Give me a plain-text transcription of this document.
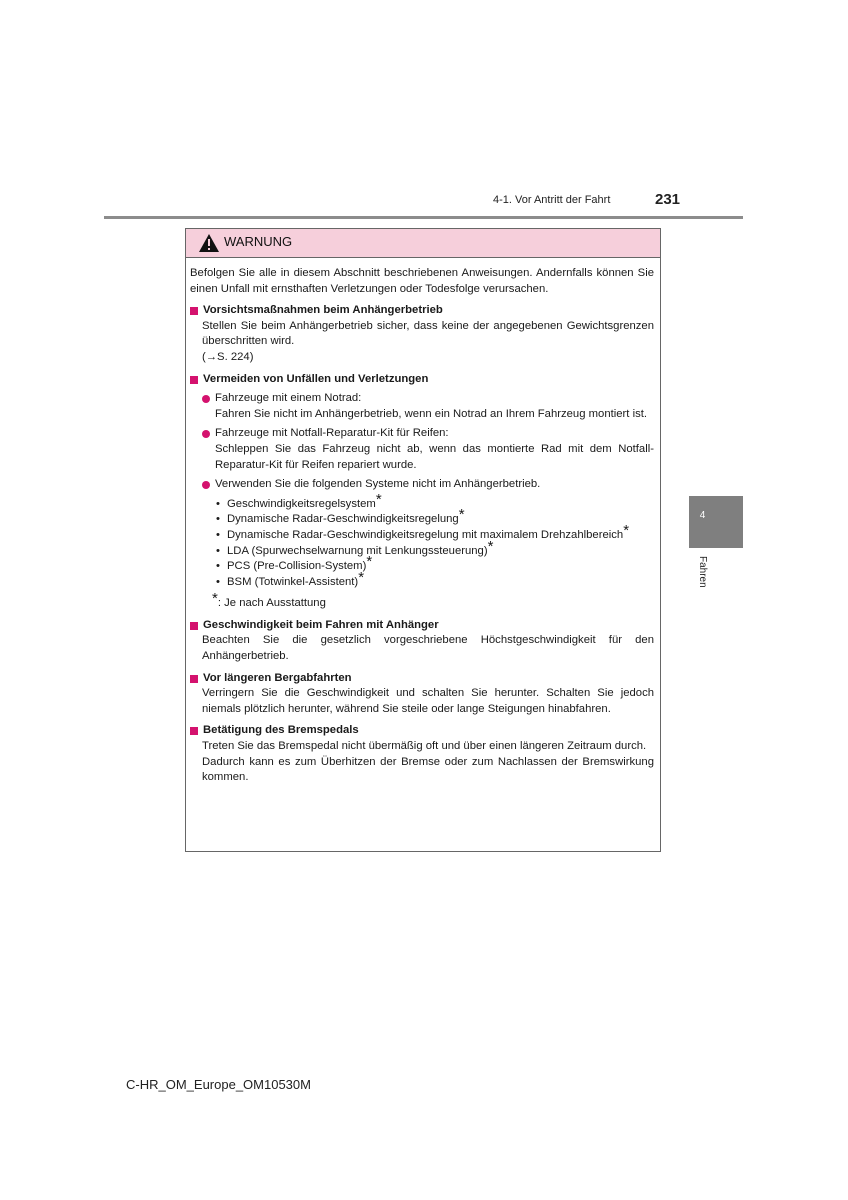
4-1. Vor Antritt der Fahrt	231
4
Fahren
WARNUNG
Befolgen Sie alle in diesem Abschnitt beschriebenen Anweisungen. Andernfalls können Sie einen Unfall mit ernsthaften Verletzungen oder Todesfolge verursachen.
Vorsichtsmaßnahmen beim Anhängerbetrieb
Stellen Sie beim Anhängerbetrieb sicher, dass keine der angegebenen Gewichtsgrenzen überschritten wird.
(→S. 224)
Vermeiden von Unfällen und Verletzungen
Fahrzeuge mit einem Notrad:
Fahren Sie nicht im Anhängerbetrieb, wenn ein Notrad an Ihrem Fahrzeug montiert ist.
Fahrzeuge mit Notfall-Reparatur-Kit für Reifen:
Schleppen Sie das Fahrzeug nicht ab, wenn das montierte Rad mit dem Notfall-Reparatur-Kit für Reifen repariert wurde.
Verwenden Sie die folgenden Systeme nicht im Anhängerbetrieb.
• Geschwindigkeitsregelsystem*
• Dynamische Radar-Geschwindigkeitsregelung*
• Dynamische Radar-Geschwindigkeitsregelung mit maximalem Drehzahlbereich*
• LDA (Spurwechselwarnung mit Lenkungssteuerung)*
• PCS (Pre-Collision-System)*
• BSM (Totwinkel-Assistent)*
*: Je nach Ausstattung
Geschwindigkeit beim Fahren mit Anhänger
Beachten Sie die gesetzlich vorgeschriebene Höchstgeschwindigkeit für den Anhängerbetrieb.
Vor längeren Bergabfahrten
Verringern Sie die Geschwindigkeit und schalten Sie herunter. Schalten Sie jedoch niemals plötzlich herunter, während Sie steile oder lange Steigungen hinabfahren.
Betätigung des Bremspedals
Treten Sie das Bremspedal nicht übermäßig oft und über einen längeren Zeitraum durch.
Dadurch kann es zum Überhitzen der Bremse oder zum Nachlassen der Bremswirkung kommen.
C-HR_OM_Europe_OM10530M
